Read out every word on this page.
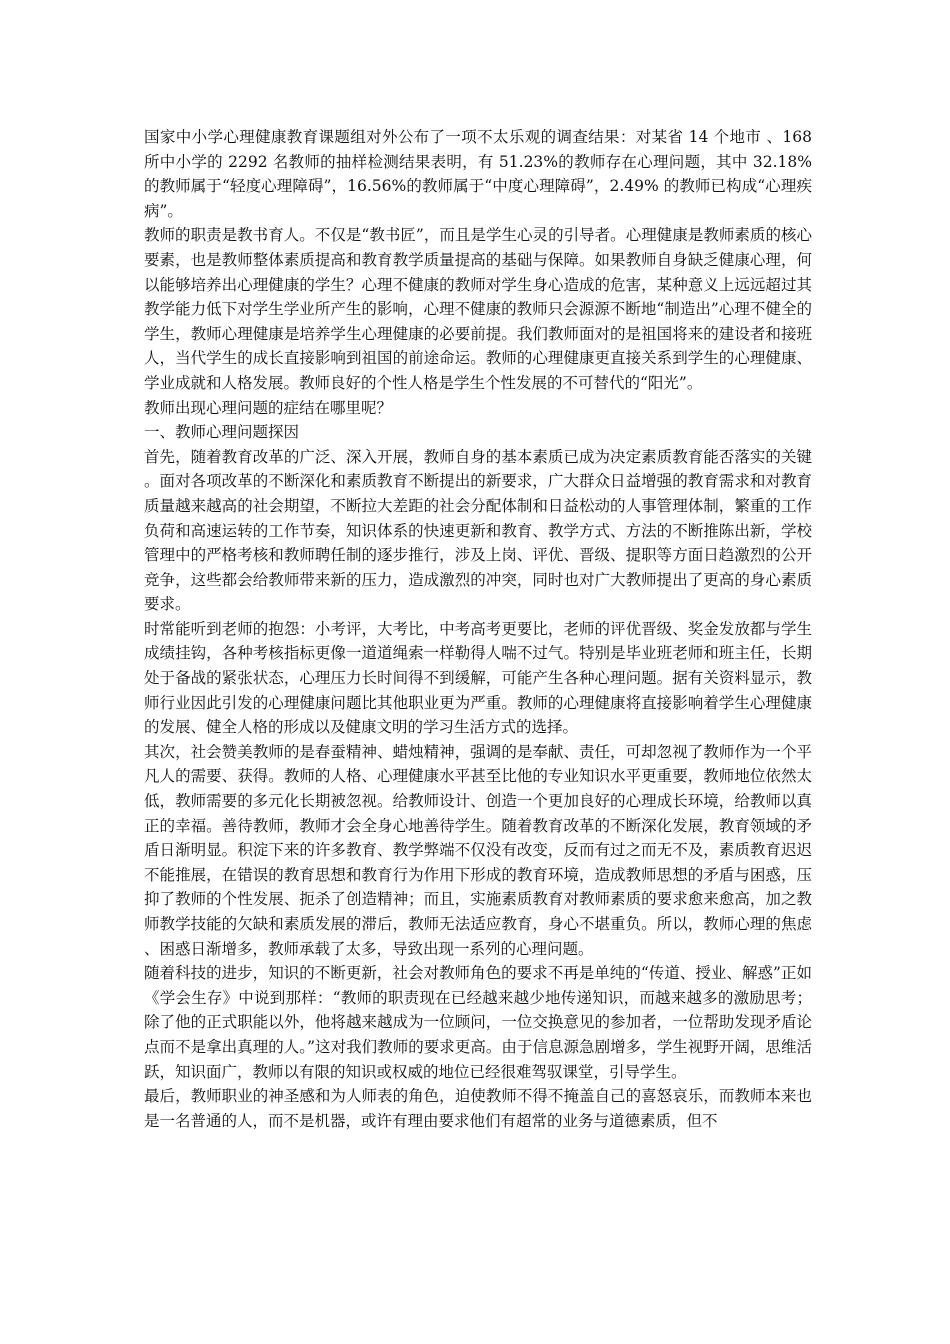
国家中小学心理健康教育课题组对外公布了一项不太乐观的调查结果：对某省 14 个地市 、168 所中小学的 2292 名教师的抽样检测结果表明，有 51.23%的教师存在心理问题，其中 32.18%的教师属于“轻度心理障碍”，16.56%的教师属于“中度心理障碍”，2.49% 的教师已构成“心理疾病”。

教师的职责是教书育人。不仅是“教书匠”，而且是学生心灵的引导者。心理健康是教师素质的核心要素，也是教师整体素质提高和教育教学质量提高的基础与保障。如果教师自身缺乏健康心理，何以能够培养出心理健康的学生？心理不健康的教师对学生身心造成的危害，某种意义上远远超过其教学能力低下对学生学业所产生的影响，心理不健康的教师只会源源不断地“制造出”心理不健全的学生，教师心理健康是培养学生心理健康的必要前提。我们教师面对的是祖国将来的建设者和接班人，当代学生的成长直接影响到祖国的前途命运。教师的心理健康更直接关系到学生的心理健康、学业成就和人格发展。教师良好的个性人格是学生个性发展的不可替代的“阳光”。

教师出现心理问题的症结在哪里呢？

一、教师心理问题探因

首先，随着教育改革的广泛、深入开展，教师自身的基本素质已成为决定素质教育能否落实的关键。面对各项改革的不断深化和素质教育不断提出的新要求，广大群众日益增强的教育需求和对教育质量越来越高的社会期望，不断拉大差距的社会分配体制和日益松动的人事管理体制，繁重的工作负荷和高速运转的工作节奏，知识体系的快速更新和教育、教学方式、方法的不断推陈出新，学校管理中的严格考核和教师聘任制的逐步推行，涉及上岗、评优、晋级、提职等方面日趋激烈的公开竞争，这些都会给教师带来新的压力，造成激烈的冲突，同时也对广大教师提出了更高的身心素质要求。

时常能听到老师的抱怨：小考评，大考比，中考高考更要比，老师的评优晋级、奖金发放都与学生成绩挂钩，各种考核指标更像一道道绳索一样勒得人喘不过气。特别是毕业班老师和班主任，长期处于备战的紧张状态，心理压力长时间得不到缓解，可能产生各种心理问题。据有关资料显示，教师行业因此引发的心理健康问题比其他职业更为严重。教师的心理健康将直接影响着学生心理健康的发展、健全人格的形成以及健康文明的学习生活方式的选择。

其次，社会赞美教师的是春蚕精神、蜡烛精神，强调的是奉献、责任，可却忽视了教师作为一个平凡人的需要、获得。教师的人格、心理健康水平甚至比他的专业知识水平更重要，教师地位依然太低，教师需要的多元化长期被忽视。给教师设计、创造一个更加良好的心理成长环境，给教师以真正的幸福。善待教师，教师才会全身心地善待学生。随着教育改革的不断深化发展，教育领域的矛盾日渐明显。积淀下来的许多教育、教学弊端不仅没有改变，反而有过之而无不及，素质教育迟迟不能推展，在错误的教育思想和教育行为作用下形成的教育环境，造成教师思想的矛盾与困惑，压抑了教师的个性发展、扼杀了创造精神；而且，实施素质教育对教师素质的要求愈来愈高，加之教师教学技能的欠缺和素质发展的滞后，教师无法适应教育，身心不堪重负。所以，教师心理的焦虑、困惑日渐增多，教师承载了太多，导致出现一系列的心理问题。

随着科技的进步，知识的不断更新，社会对教师角色的要求不再是单纯的“传道、授业、解惑”正如《学会生存》中说到那样：“教师的职责现在已经越来越少地传递知识，而越来越多的激励思考；除了他的正式职能以外，他将越来越成为一位顾问，一位交换意见的参加者，一位帮助发现矛盾论点而不是拿出真理的人。”这对我们教师的要求更高。由于信息源急剧增多，学生视野开阔，思维活跃，知识面广，教师以有限的知识或权威的地位已经很难驾驭课堂，引导学生。

最后，教师职业的神圣感和为人师表的角色，迫使教师不得不掩盖自己的喜怒哀乐，而教师本来也是一名普通的人，而不是机器，或许有理由要求他们有超常的业务与道德素质，但不
